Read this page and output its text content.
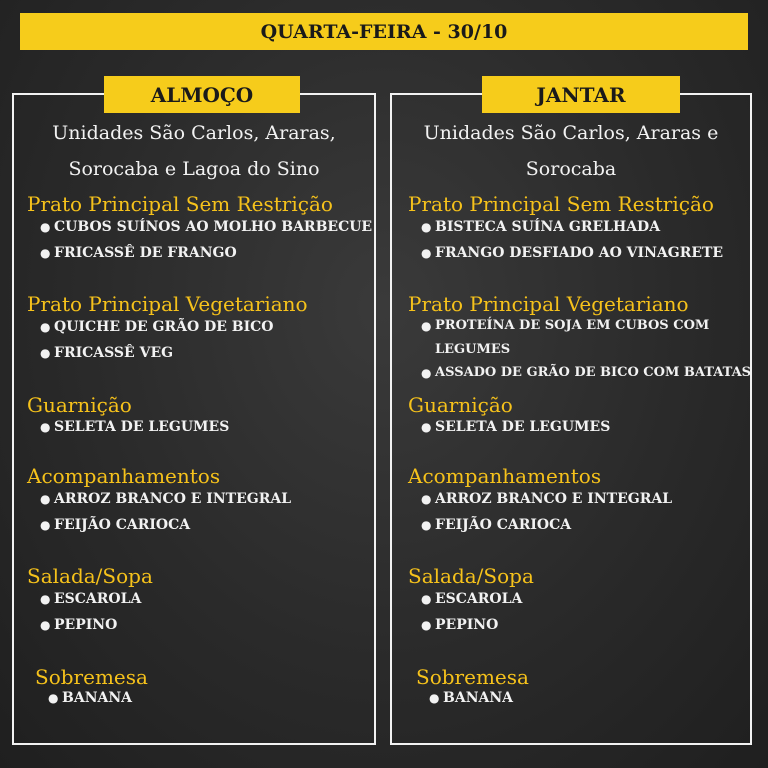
QUARTA-FEIRA - 30/10
ALMOÇO	JANTAR
Unidades São Carlos, Araras,
Sorocaba e Lagoa do Sino
Unidades São Carlos, Araras e
Sorocaba
Prato Principal Sem Restrição
● CUBOS SUÍNOS AO MOLHO BARBECUE
● FRICASSÊ DE FRANGO
Prato Principal Vegetariano
● QUICHE DE GRÃO DE BICO
● FRICASSÊ VEG
Guarnição
● SELETA DE LEGUMES
Acompanhamentos
● ARROZ BRANCO E INTEGRAL
● FEIJÃO CARIOCA
Salada/Sopa
● ESCAROLA
● PEPINO
Sobremesa
● BANANA
Prato Principal Sem Restrição
● BISTECA SUÍNA GRELHADA
● FRANGO DESFIADO AO VINAGRETE
Prato Principal Vegetariano
● PROTEÍNA DE SOJA EM CUBOS COM
LEGUMES
● ASSADO DE GRÃO DE BICO COM BATATAS
Guarnição
● SELETA DE LEGUMES
Acompanhamentos
● ARROZ BRANCO E INTEGRAL
● FEIJÃO CARIOCA
Salada/Sopa
● ESCAROLA
● PEPINO
Sobremesa
● BANANA
